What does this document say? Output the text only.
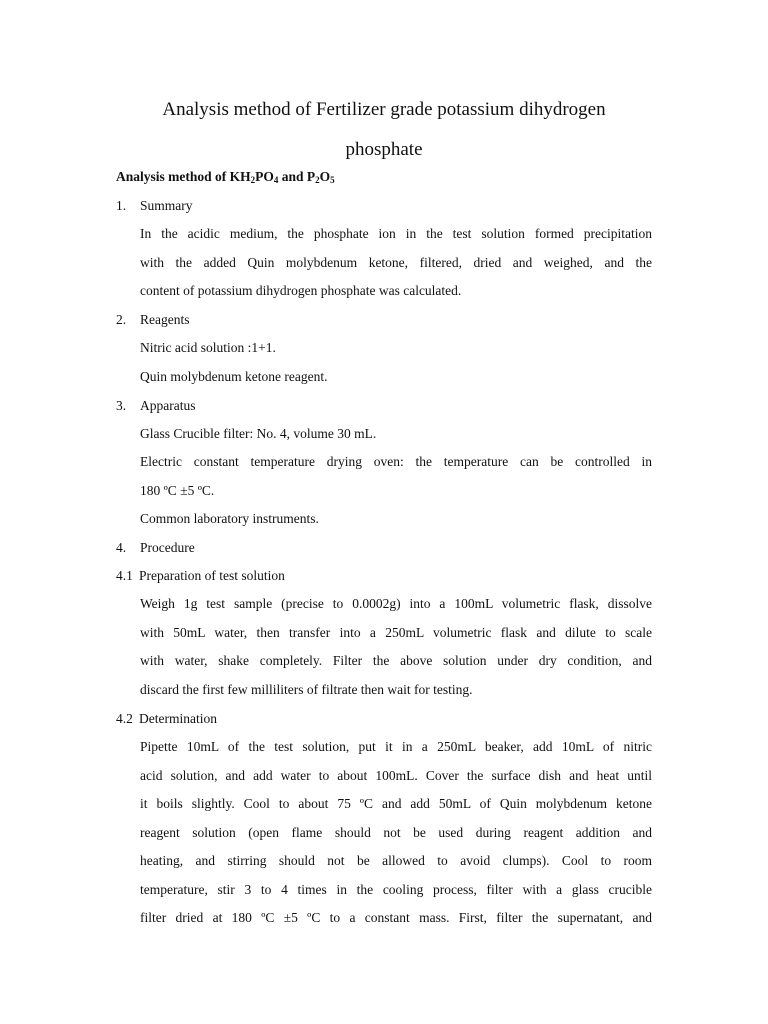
Analysis method of Fertilizer grade potassium dihydrogen
phosphate
Analysis method of $KH_2PO_4$ and $P_2O_5$
1. Summary

In the acidic medium, the phosphate ion in the test solution formed precipitation
with the added Quin molybdenum ketone, filtered, dried and weighed, and the
content of potassium dihydrogen phosphate was calculated.

2. Reagents
Nitric acid solution :1+1.
Quin molybdenum ketone reagent.
3. Apparatus
Glass Crucible filter: No. 4, volume 30 mL.

Electric constant temperature drying oven: the temperature can be controlled in
180 ºC ±5 ºC.

Common laboratory instruments.
4. Procedure
4.1 Preparation of test solution

Weigh 1g test sample (precise to 0.0002g) into a 100mL volumetric flask, dissolve
with 50mL water, then transfer into a 250mL volumetric flask and dilute to scale
with water, shake completely. Filter the above solution under dry condition, and
discard the first few milliliters of filtrate then wait for testing.

4.2 Determination

Pipette 10mL of the test solution, put it in a 250mL beaker, add 10mL of nitric
acid solution, and add water to about 100mL. Cover the surface dish and heat until
it boils slightly. Cool to about 75 ºC and add 50mL of Quin molybdenum ketone
reagent solution (open flame should not be used during reagent addition and
heating, and stirring should not be allowed to avoid clumps). Cool to room
temperature, stir 3 to 4 times in the cooling process, filter with a glass crucible
filter dried at 180 ºC ±5 ºC to a constant mass. First, filter the supernatant, and
